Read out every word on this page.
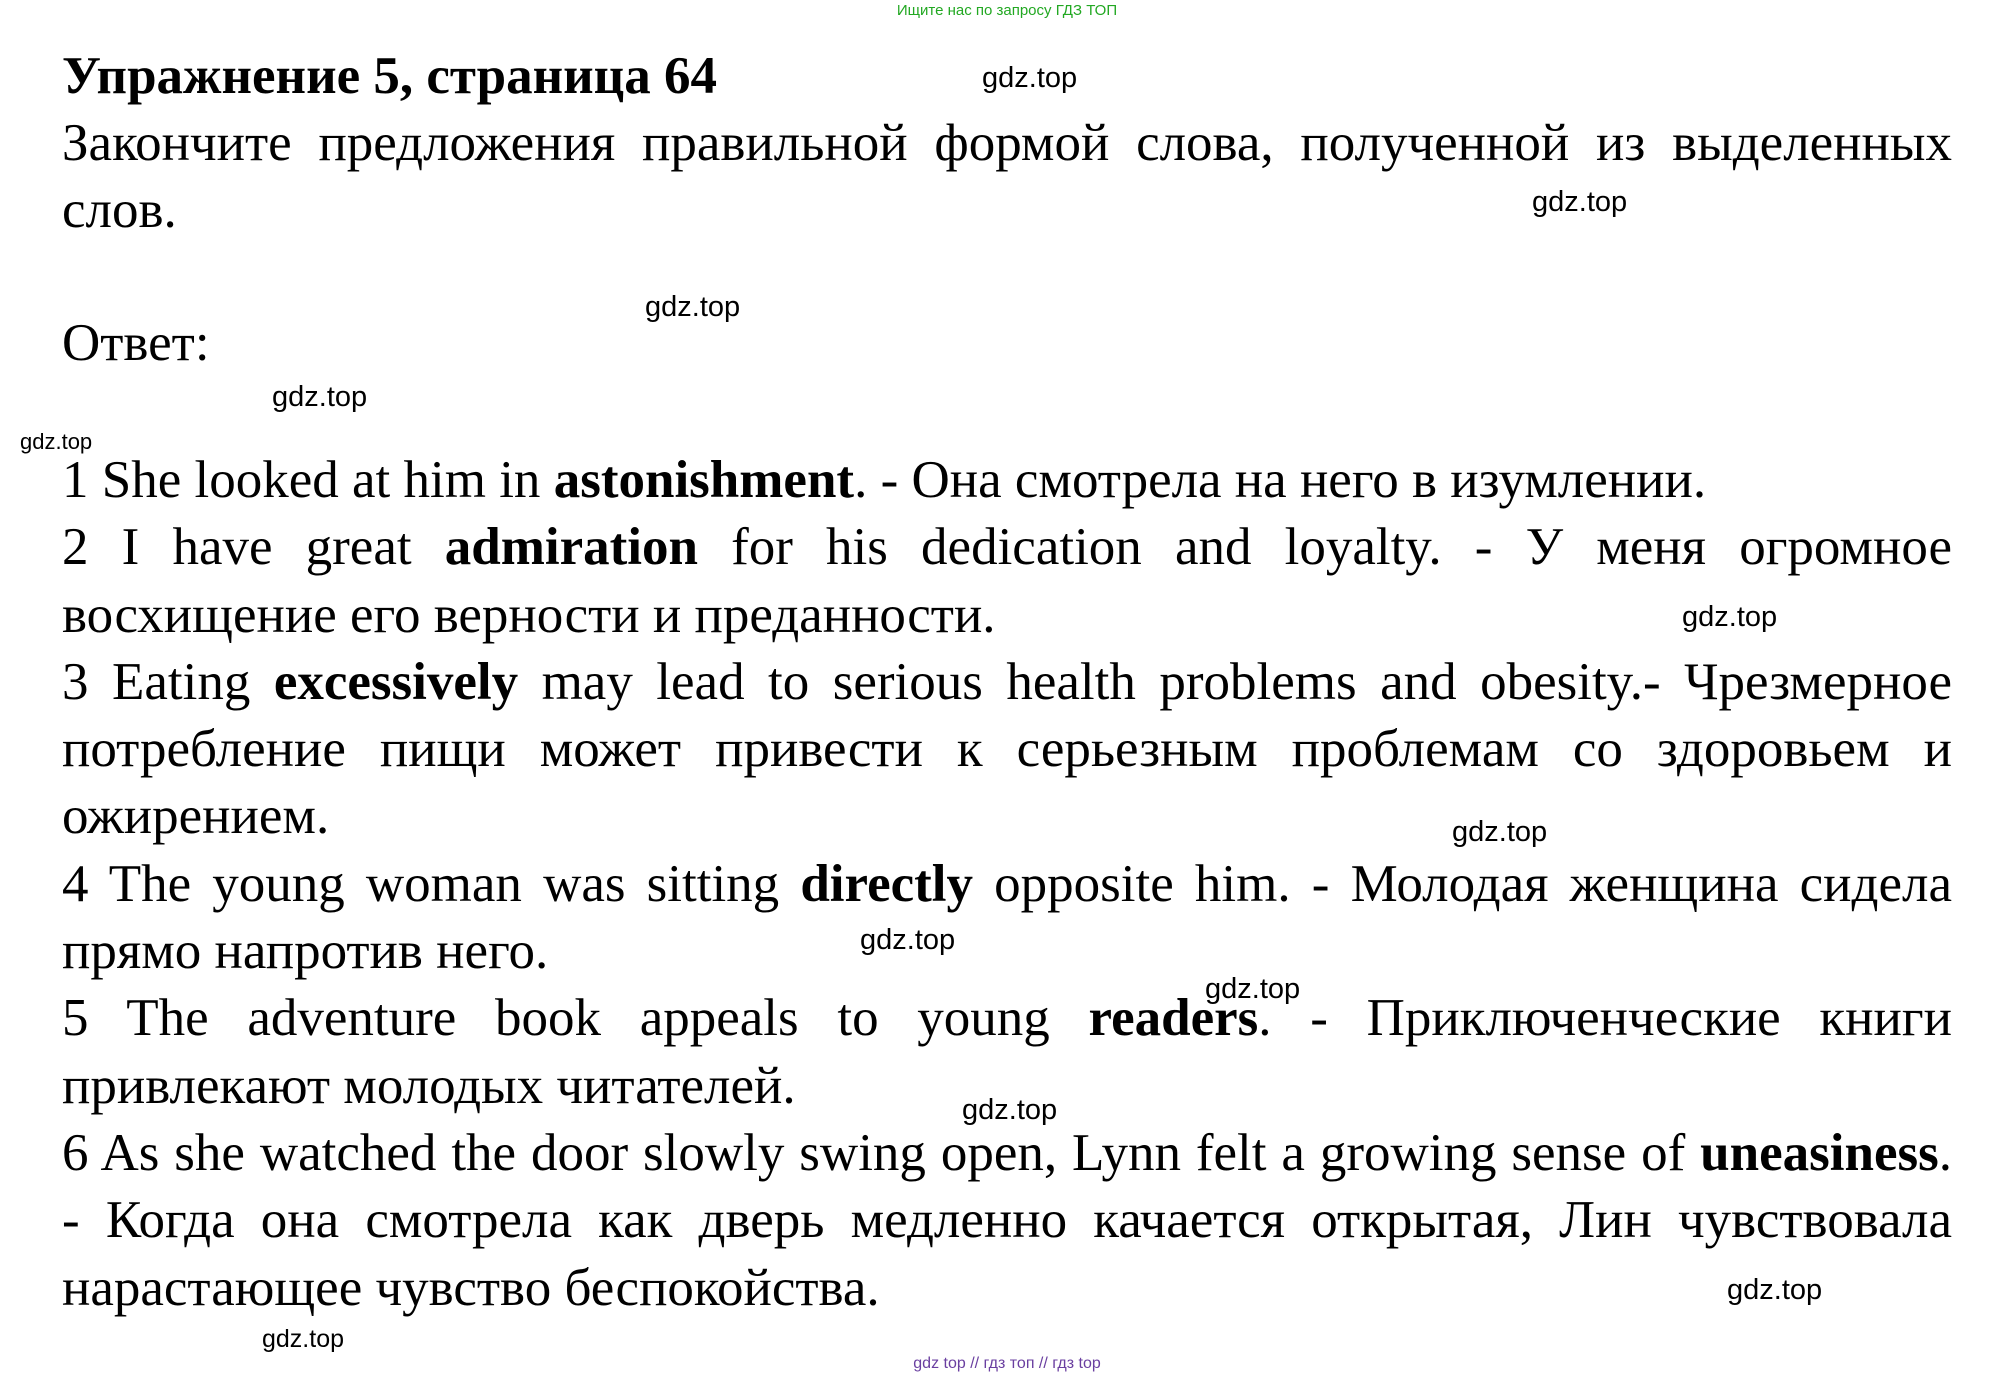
Ищите нас по запросу ГДЗ ТОП
Упражнение 5, страница 64

Закончите предложения правильной формой слова, полученной из выделенных слов.

Ответ:

1 She looked at him in astonishment. - Она смотрела на него в изумлении.
2 I have great admiration for his dedication and loyalty. - У меня огромное восхищение его верности и преданности.
3 Eating excessively may lead to serious health problems and obesity.- Чрезмерное потребление пищи может привести к серьезным проблемам со здоровьем и ожирением.
4 The young woman was sitting directly opposite him. - Молодая женщина сидела прямо напротив него.
5 The adventure book appeals to young readers. - Приключенческие книги привлекают молодых читателей.
6 As she watched the door slowly swing open, Lynn felt a growing sense of uneasiness. - Когда она смотрела как дверь медленно качается открытая, Лин чувствовала нарастающее чувство беспокойства.
gdz.top
gdz.top
gdz.top
gdz.top
gdz.top
gdz.top
gdz.top
gdz.top
gdz.top
gdz.top
gdz.top
gdz.top
gdz top // гдз топ // гдз top
